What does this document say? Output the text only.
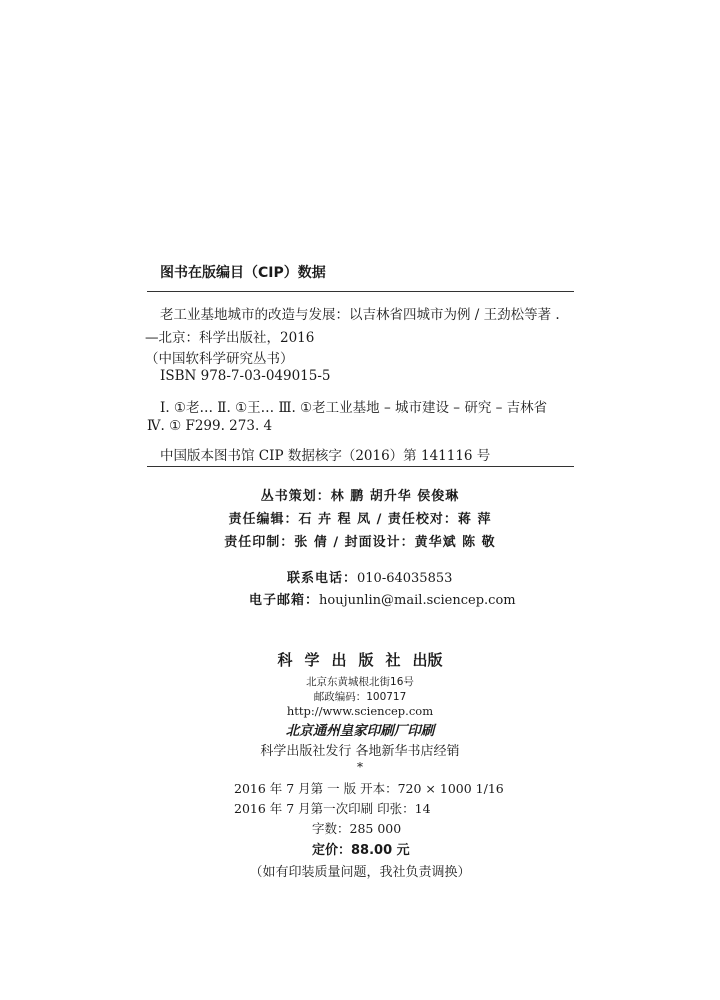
图书在版编目（CIP）数据
老工业基地城市的改造与发展：以吉林省四城市为例 / 王劲松等著 .
—北京：科学出版社，2016
（中国软科学研究丛书）
ISBN 978-7-03-049015-5
Ⅰ. ①老… Ⅱ. ①王… Ⅲ. ①老工业基地 – 城市建设 – 研究 – 吉林省
Ⅳ. ① F299. 273. 4
中国版本图书馆 CIP 数据核字（2016）第 141116 号
丛书策划：林 鹏 胡升华 侯俊琳
责任编辑：石 卉 程 凤 / 责任校对：蒋 萍
责任印制：张 倩 / 封面设计：黄华斌 陈 敬
联系电话：010-64035853
电子邮箱：houjunlin@mail.sciencep.com
科学出版社出版
北京东黄城根北街16号
邮政编码：100717
http://www.sciencep.com
北京通州皇家印刷厂印刷
科学出版社发行 各地新华书店经销
*
2016 年 7 月第 一 版 开本：720 × 1000 1/16
2016 年 7 月第一次印刷 印张：14
字数：285 000
定价：88.00 元
（如有印装质量问题，我社负责调换）
